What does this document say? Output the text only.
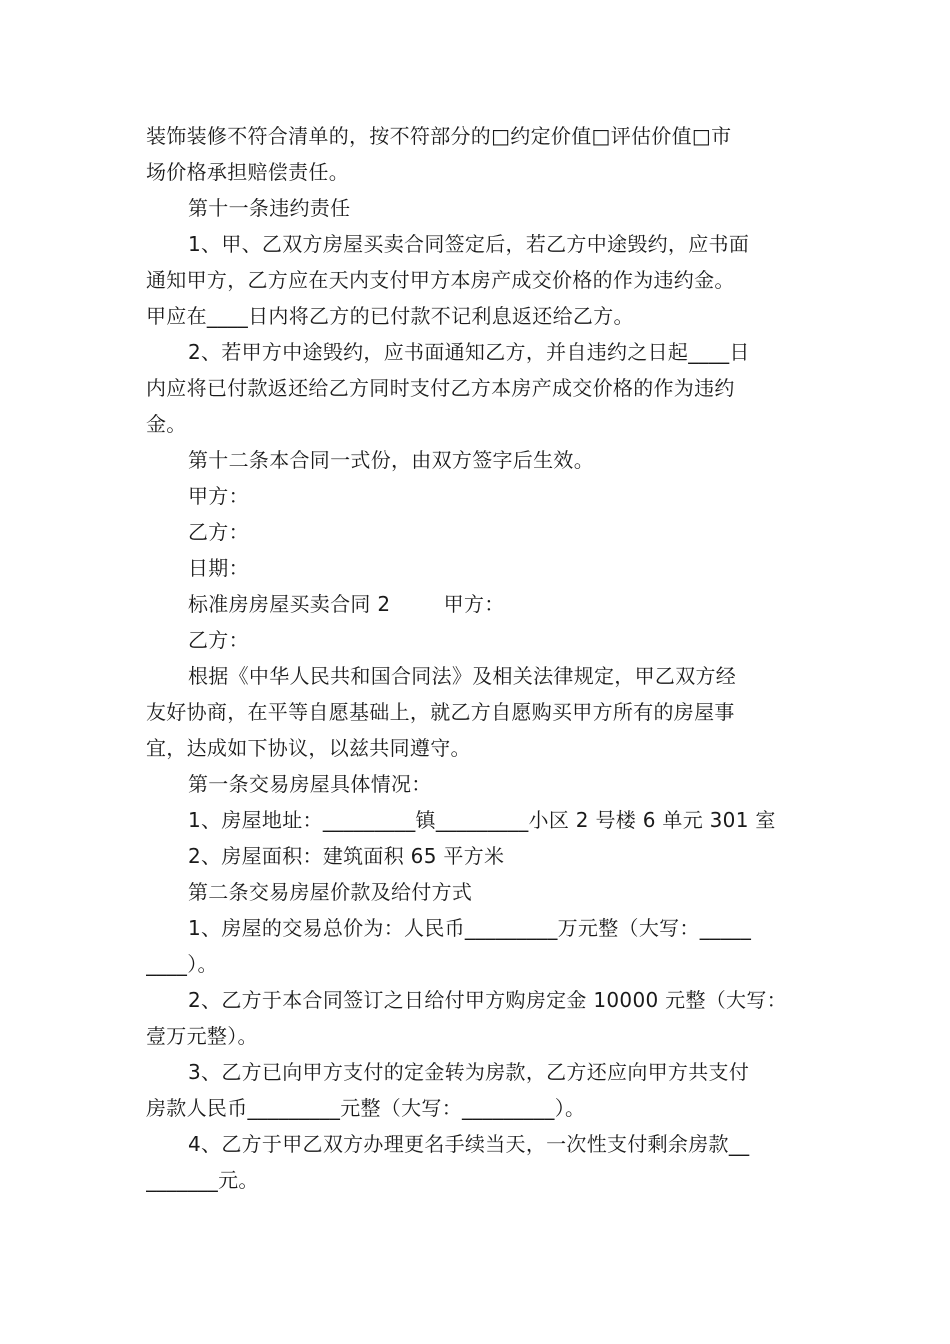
装饰装修不符合清单的，按不符部分的□约定价值□评估价值□市
场价格承担赔偿责任。
第十一条违约责任
1、甲、乙双方房屋买卖合同签定后，若乙方中途毁约，应书面
通知甲方，乙方应在天内支付甲方本房产成交价格的作为违约金。
甲应在____日内将乙方的已付款不记利息返还给乙方。
2、若甲方中途毁约，应书面通知乙方，并自违约之日起____日
内应将已付款返还给乙方同时支付乙方本房产成交价格的作为违约
金。
第十二条本合同一式份，由双方签字后生效。
甲方：
乙方：
日期：
标准房房屋买卖合同 2        甲方：
乙方：
根据《中华人民共和国合同法》及相关法律规定，甲乙双方经
友好协商，在平等自愿基础上，就乙方自愿购买甲方所有的房屋事
宜，达成如下协议，以兹共同遵守。
第一条交易房屋具体情况：
1、房屋地址：_________镇_________小区 2 号楼 6 单元 301 室
2、房屋面积：建筑面积 65 平方米
第二条交易房屋价款及给付方式
1、房屋的交易总价为：人民币_________万元整（大写：_____
____）。
2、乙方于本合同签订之日给付甲方购房定金 10000 元整（大写：
壹万元整）。
3、乙方已向甲方支付的定金转为房款，乙方还应向甲方共支付
房款人民币_________元整（大写：_________）。
4、乙方于甲乙双方办理更名手续当天，一次性支付剩余房款__
_______元。
